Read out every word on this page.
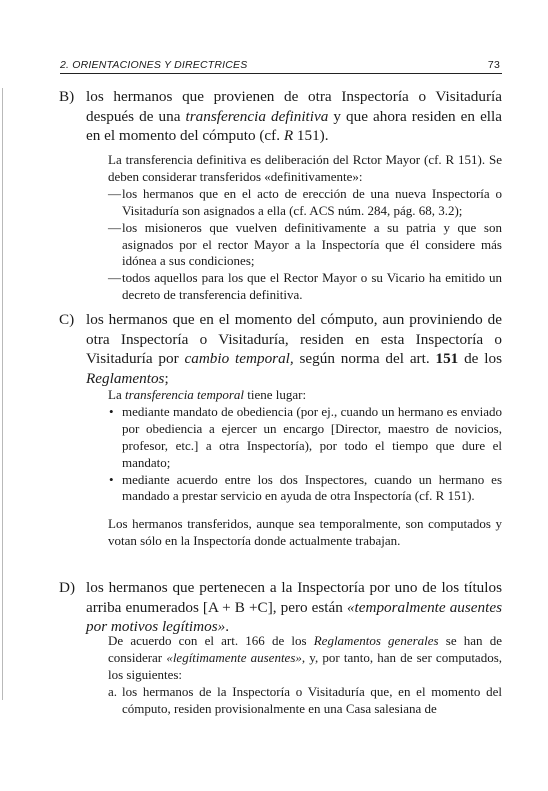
2. ORIENTACIONES Y DIRECTRICES	73
B) los hermanos que provienen de otra Inspectoría o Visitaduría después de una transferencia definitiva y que ahora residen en ella en el momento del cómputo (cf. R 151).

La transferencia definitiva es deliberación del Rctor Mayor (cf. R 151). Se deben considerar transferidos «definitivamente»:

— los hermanos que en el acto de erección de una nueva Inspectoría o Visitaduría son asignados a ella (cf. ACS núm. 284, pág. 68, 3.2);
— los misioneros que vuelven definitivamente a su patria y que son asignados por el rector Mayor a la Inspectoría que él considere más idónea a sus condiciones;
— todos aquellos para los que el Rector Mayor o su Vicario ha emitido un decreto de transferencia definitiva.
C) los hermanos que en el momento del cómputo, aun proviniendo de otra Inspectoría o Visitaduría, residen en esta Inspectoría o Visitaduría por cambio temporal, según norma del art. 151 de los Reglamentos;

La transferencia temporal tiene lugar:

• mediante mandato de obediencia (por ej., cuando un hermano es enviado por obediencia a ejercer un encargo [Director, maestro de novicios, profesor, etc.] a otra Inspectoría), por todo el tiempo que dure el mandato;
• mediante acuerdo entre los dos Inspectores, cuando un hermano es mandado a prestar servicio en ayuda de otra Inspectoría (cf. R 151).

Los hermanos transferidos, aunque sea temporalmente, son computados y votan sólo en la Inspectoría donde actualmente trabajan.

D) los hermanos que pertenecen a la Inspectoría por uno de los títulos arriba enumerados [A + B +C], pero están «temporalmente ausentes por motivos legítimos».

De acuerdo con el art. 166 de los Reglamentos generales se han de considerar «legítimamente ausentes», y, por tanto, han de ser computados, los siguientes:

a. los hermanos de la Inspectoría o Visitaduría que, en el momento del cómputo, residen provisionalmente en una Casa salesiana de
